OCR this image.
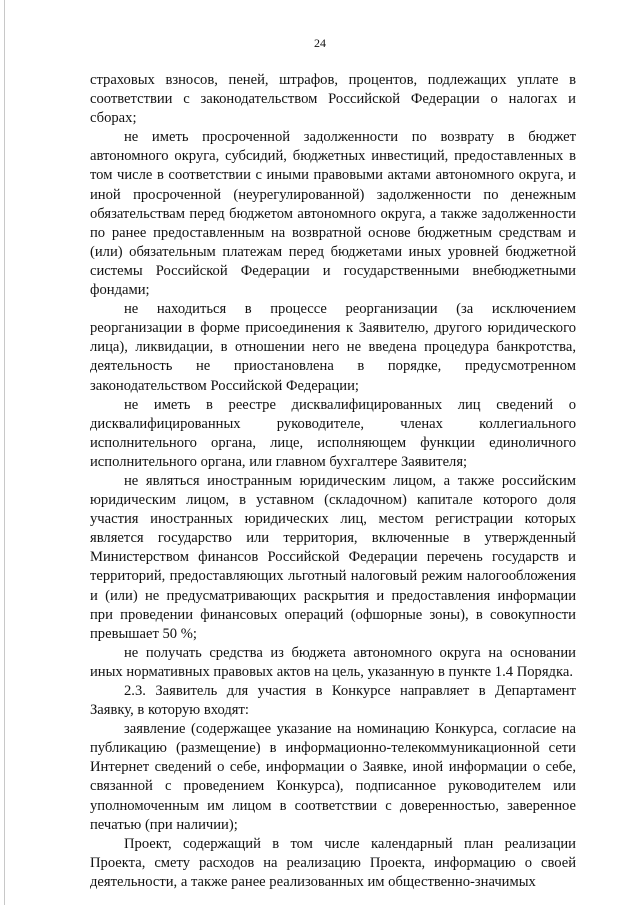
24

страховых взносов, пеней, штрафов, процентов, подлежащих уплате в соответствии с законодательством Российской Федерации о налогах и сборах;

не иметь просроченной задолженности по возврату в бюджет автономного округа, субсидий, бюджетных инвестиций, предоставленных в том числе в соответствии с иными правовыми актами автономного округа, и иной просроченной (неурегулированной) задолженности по денежным обязательствам перед бюджетом автономного округа, а также задолженности по ранее предоставленным на возвратной основе бюджетным средствам и (или) обязательным платежам перед бюджетами иных уровней бюджетной системы Российской Федерации и государственными внебюджетными фондами;

не находиться в процессе реорганизации (за исключением реорганизации в форме присоединения к Заявителю, другого юридического лица), ликвидации, в отношении него не введена процедура банкротства, деятельность не приостановлена в порядке, предусмотренном законодательством Российской Федерации;

не иметь в реестре дисквалифицированных лиц сведений о дисквалифицированных руководителе, членах коллегиального исполнительного органа, лице, исполняющем функции единоличного исполнительного органа, или главном бухгалтере Заявителя;

не являться иностранным юридическим лицом, а также российским юридическим лицом, в уставном (складочном) капитале которого доля участия иностранных юридических лиц, местом регистрации которых является государство или территория, включенные в утвержденный Министерством финансов Российской Федерации перечень государств и территорий, предоставляющих льготный налоговый режим налогообложения и (или) не предусматривающих раскрытия и предоставления информации при проведении финансовых операций (офшорные зоны), в совокупности превышает 50 %;

не получать средства из бюджета автономного округа на основании иных нормативных правовых актов на цель, указанную в пункте 1.4 Порядка.

2.3. Заявитель для участия в Конкурсе направляет в Департамент Заявку, в которую входят:

заявление (содержащее указание на номинацию Конкурса, согласие на публикацию (размещение) в информационно-телекоммуникационной сети Интернет сведений о себе, информации о Заявке, иной информации о себе, связанной с проведением Конкурса), подписанное руководителем или уполномоченным им лицом в соответствии с доверенностью, заверенное печатью (при наличии);

Проект, содержащий в том числе календарный план реализации Проекта, смету расходов на реализацию Проекта, информацию о своей деятельности, а также ранее реализованных им общественно-значимых
